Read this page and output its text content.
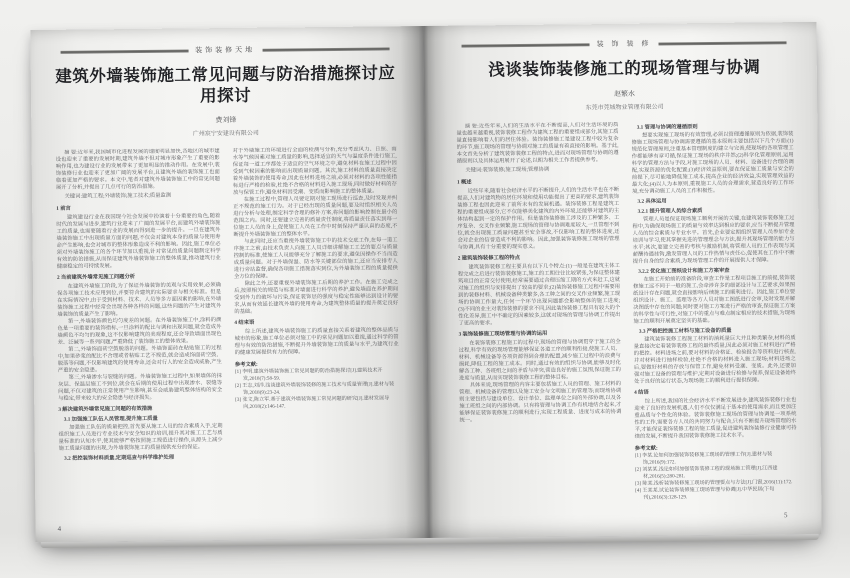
装饰装修天地
建筑外墙装饰施工常见问题与防治措施探讨应用探讨
费刘锋
广州宸宁安建设有限公司
摘 要:近年来,我国城市化进程发展的速度明显加快,各地区的城市建设也迎来了重要的发展时期,建筑外墙不但对城市形象产生了重要的影响作用,也为建设行业的发展带来了更加明显的推动作用。在发展中,装饰装修行业也迎来了更加广阔的发展平台,且建筑外墙的装饰施工也面临着更加严格的要求。本文中,笔者对建筑外墙装饰施工中的常见问题展开了分析,并提出了几点可行的防治措施。
关键词:建筑工程;外墙装饰;施工技术;质量监测
1 前言
建筑建设行业在我国现今社会发展中扮演着十分重要的角色,随着时代的发展与进步,建筑行业迎来了广阔的发展平台,而建筑外墙装饰施工的质量,也需要随着行业的发展而得到进一步的提升。一旦在建筑外墙装饰施工中出现质量方面的问题,不仅会对建筑本身的质量与使用寿命产生影响,也会对城市的整体形象造成不利的影响。因此,施工单位必须对外墙装饰施工的各个环节加以重视,针对常见的质量问题制定科学有效的防治措施,从而保证建筑外墙装饰施工的整体质量,推动建筑行业健康稳定的可持续发展。
2 当前建筑外墙常见施工问题分析
在建筑外墙施工阶段,为了保证外墙装饰的美观与实用效果,必须确保各项施工技术应用到位,并要符合建筑的实际要求与相关标准。但是在实际情况中,由于受到材料、技术、人员等多方面因素的影响,在外墙装饰施工过程中经常会出现各种各样的问题,这些问题的产生对建筑外墙装饰的质量产生了影响。
第一,外墙装饰颜色均匀度差的问题。在外墙装饰施工中,涂料的颜色是一项重要的装饰指标,一旦涂料的配比与调和出现问题,就会造成外墙颜色不均匀的现象,这不仅影响建筑的美观程度,还会导致墙面出现色差、泛碱等一系列问题,严重降低了装饰施工的整体效果。
第二,外墙饰面砖空鼓脱落的问题。外墙饰面砖在粘贴施工的过程中,如果砂浆的配比不合理或者粘贴工艺不规范,就会造成饰面砖空鼓、脱落等问题,不仅影响建筑的使用寿命,还会对行人的安全造成威胁,产生严重的安全隐患。
第三,外墙渗水与裂缝的问题。外墙装饰施工过程中,如果墙体的抹灰层、保温层施工不到位,就会在后期的使用过程中出现渗水、裂缝等问题,不仅对建筑的正常使用产生影响,甚至会威胁建筑整体结构的安全与稳定,带来较大的安全隐患与经济损失。
3 解决建筑外墙常见施工问题的有效措施
3.1 加强施工队伍人员管理,提升施工质量
加强施工队伍的质量把控,首先要从施工人员的综合素质入手,定期组织施工人员进行专业技术与安全知识的培训,提升其对施工工艺与质量标准的认知水平,使其能够严格按照施工规范进行操作,从源头上减少施工质量问题的出现,为外墙装饰施工的质量提供充分的保证。
3.2 把控装饰材料质量,定期巡查与科学维护处理
对于外墙施工的环境进行全面的检测与分析,充分考虑风力、日照、雨水等气候因素对施工质量的影响,选择适宜的天气与温度条件进行施工,保证每一道工序都处于适宜的空气环境之中,避免材料在施工过程中因受到气候因素的影响而出现质量问题。其次,施工材料的质量直接决定着外墙装饰的使用寿命,因此在材料进场之前,必须对材料的各项性能指标进行严格的检验,杜绝不合格的材料进入施工现场,同时做好材料的存放与保管工作,避免材料因受潮、变质而影响施工的整体质量。
在施工过程中,管理人员要定期对施工现场进行巡查,及时发现并纠正不规范的施工行为。对于已经出现的质量问题,要及时组织相关人员进行分析与处理,制定科学合理的修补方案,将问题的影响控制在最小的范围之内。同时,还要建立完善的质量责任制度,将质量责任落实到每一位施工人员的身上,促使施工人员在工作中时刻保持严谨认真的态度,不断提升外墙装饰施工的整体水平。
与此同时,还应当重视外墙装饰施工中的技术交底工作,在每一道工序施工之前,由技术负责人向施工人员详细讲解施工工艺的要点与质量控制的标准,使施工人员能够充分了解施工的要求,避免因操作不当而造成质量问题。对于外墙保温、防水等关键部位的施工,还应当安排专人进行旁站监督,确保各项施工措施落实到位,为外墙装饰工程的质量提供全方位的保障。
除此之外,还要重视外墙装饰施工后期的养护工作。在施工完成之后,按照相关的规范与标准对墙面进行科学的养护,避免墙面在养护期间受到外力的破坏与污染,保证装饰层的强度与稳定性能够达到设计的要求,从而有效延长建筑外墙的使用寿命,为建筑整体质量的提升奠定良好的基础。
4 结束语
综上所述,建筑外墙装饰施工的质量直接关系着建筑的整体品质与城市的形象,施工单位必须对施工中的常见问题加以重视,通过科学的管理与有效的防治措施,不断提升外墙装饰施工的质量与水平,为建筑行业的健康发展提供有力的保障。
参考文献:
[1] 李明.建筑外墙装饰施工常见问题的防治措施探讨[J].建筑技术开发,2018(7):58-59.
[2] 王志,刘洋.浅谈建筑外墙装饰装修的施工技术与质量管理[J].建材与装饰,2018(9):23-24.
[3] 张文,陈立军.基于建筑外墙装饰施工常见问题的研究[J].建材发展导向,2018(2):146-147.
4
装 饰 装 修
浅谈装饰装修施工的现场管理与协调
赵繁水
东莞市莞城物业管理有限公司
摘 要:近些年来,人们的生活水平在不断提高,人们对生活环境的质量也越来越重视,装饰装修工程作为建筑工程的重要组成部分,其施工质量直接影响着人们的居住体验。装饰装修施工是建设工程中较为复杂的环节,施工现场的管理与协调对施工的质量有着直接的影响。基于此,本文首先分析了建筑装饰装修工程的特点,进而对现场管理与协调的遵循原则以及具体运用展开了论述,以期为相关工作者提供参考。
关键词:装饰装修;施工现场;管理协调
1 概述
近些年来,随着社会经济水平的不断提升,人们的生活水平也在不断提高,人们对建筑物的居住环境和使用功能提出了更高的要求,建筑装饰装修工程也因此迎来了前所未有的发展机遇。装饰装修工程是建筑工程的重要组成部分,它不仅能够美化建筑的内外环境,还能够对建筑的主体结构起到一定的保护作用。但是装饰装修施工涉及的工种繁多、工序复杂、交叉作业频繁,施工现场的管理与协调难度较大,一旦管理不到位,就会出现施工质量问题甚至安全事故,不仅影响工程的整体进度,还会对企业的信誉造成不利的影响。因此,加强装饰装修施工现场的管理与协调,具有十分重要的现实意义。
2 建筑装饰装修工程的特点
建筑装饰装修工程主要具有以下几个特点:(1)一般是在建筑主体工程完成之后进行装饰装修施工,施工的工期往往比较紧张,为保证整体建筑项目的正常交付使用,经常需要通过合理压缩工期的方式来赶工,这就对施工的组织与安排提出了较高的要求;(2)装饰装修施工过程中需要用到的装修材料、机械设备种类繁多,各工种之间的交叉作业频繁,施工现场的协调工作量大,任何一个环节出现问题都会影响整体的施工进度;(3)不同的业主对装饰装修的要求不同,因此装饰装修工程具有较大的个性化差异,施工中不确定的因素较多,这就对现场的管理与协调工作提出了更高的要求。
3 装饰装修施工现场管理与协调的运用
在装饰装修工程施工的过程中,现场的管理与协调贯穿于施工的全过程,科学有效的现场管理能够保证各道工序的顺利衔接,使施工人员、材料、机械设备等各项资源得到合理的配置,减少施工过程中的浪费与损耗,降低工程的施工成本。同时,通过有效的组织与协调,能够及时化解各工种、各班组之间的矛盾与冲突,营造良好的施工氛围,保证施工的进度与质量,从而实现装饰装修工程的整体目标。
具体来说,现场管理的内容主要包括施工人员的管理、施工材料的管理、机械设备的管理以及施工安全与文明施工的管理等;而现场协调则主要包括与建设单位、设计单位、监理单位之间的外部协调,以及各施工班组之间的内部协调。只有将管理与协调工作有机地结合起来,才能够保证装饰装修施工的顺利进行,实现工程质量、进度与成本的协调统一。
3.1 管理与协调的遵循原则
想要实现施工现场的有效管理,必须以管理遵循原则为依据,装饰装修施工现场管理与协调需要遵循的基本原则主要包括以下几个方面:(1)规范化管理原则,注重基本管理制度的建立与完善,使现场的各项管理工作都能够有章可循,保证施工现场的秩序井然;(2)科学化管理原则,运用科学的管理方法与手段,对施工现场的人员、材料、设备进行合理的调配,实现资源的优化配置;(3)经济效益原则,要在保证施工质量与安全的前提下,尽可能地降低施工成本,提高企业的经济效益,实现管理效益的最大化;(4)以人为本原则,重视施工人员的合理需求,营造良好的工作环境,充分调动施工人员的工作积极性。
3.2 具体运用
3.2.1 提升管理人员综合素质
管理人员是保证现场施工顺利开展的关键,在建筑装饰装修施工过程中,为确保现场施工的质量与效率达到相应的要求,应当不断提升管理人员的综合素质与专业水平。首先,企业要定期组织管理人员参加专业培训与学习,使其掌握先进的管理理念与方法,提升其现场管理的能力与水平;其次,要建立完善的考核与激励机制,将管理人员的工作表现与其薪酬待遇挂钩,激发管理人员的工作热情与责任心,促使其在工作中不断提升自身的综合素质,为现场管理工作的开展提供人才保障。
3.2.2 优化施工图纸设计和施工方案审查
在施工开始前的准备阶段,审查工作是工程项目施工的前提,装饰装修施工远不同于一般的施工,会牵涉许多的细部设计与工艺要求,如果图纸设计存在问题,就会直接影响后续施工的顺利进行。因此,施工单位要组织设计、施工、监理等各方人员对施工图纸进行会审,及时发现并解决图纸中存在的问题;同时要对施工方案进行严格的审查,保证施工方案的科学性与可行性,对施工中的重点与难点制定相应的技术措施,为现场施工的顺利开展奠定坚实的基础。
3.3 严格把控施工材料与施工设备的质量
建筑装饰装修工程施工材料的消耗量巨大并且种类繁杂,材料的质量直接决定着装饰装修工程的最终质量,因此必须对施工材料进行严格的把控。材料进场之前,要对材料的合格证、检验报告等资料进行核查,并对材料进行抽样检验,杜绝不合格的材料进入施工现场;材料进场之后,要做好材料的存放与保管工作,避免材料受潮、变质。此外,还要加强对施工设备的管理与维护,定期对设备进行检修与保养,保证设备始终处于良好的运行状态,为现场施工的顺利进行提供保障。
4 结语
综上所述,我国的社会经济水平不断发展进步,建筑装饰装修行业也迎来了良好的发展机遇,人们不仅仅满足于基本的使用需求,而且更加注重品质与个性化的体验。装饰装修施工现场的管理与协调是一项系统性的工作,需要各方人员的共同努力与配合,只有不断提升现场管理的水平,才能保证装饰装修工程的施工质量,促进建筑装饰装修行业健康可持续的发展,不断提升我国装饰装修施工技术水平。
参考文献:
[1] 李某.论如何加强装饰装修施工现场的管理工作[J].建材与装饰,2016(9):172.
[2] 刘某某.浅论如何加强装饰装修工程的现场施工管理[J].江西建材,2016(5):280-281.
[3] 陈某.浅析装饰装修施工现场的管理要点与方法[J].门窗,2016(11):172.
[4] 王某某.试论装饰装修施工现场管理与协调[J].中华民居(下旬刊),2016(3):128-129.
5
